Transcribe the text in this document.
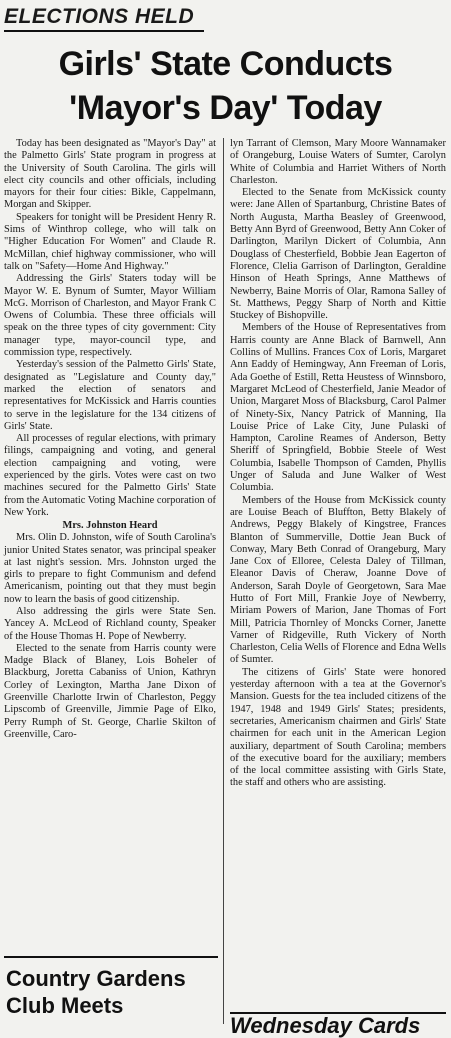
ELECTIONS HELD
Girls' State Conducts
'Mayor's Day' Today

Today has been designated as "Mayor's Day" at the Palmetto Girls' State program in progress at the University of South Carolina. The girls will elect city councils and other officials, including mayors for their four cities: Bikle, Cappelmann, Morgan and Skipper.

Speakers for tonight will be President Henry R. Sims of Winthrop college, who will talk on "Higher Education For Women" and Claude R. McMillan, chief highway commissioner, who will talk on "Safety—Home And Highway."

Addressing the Girls' Staters today will be Mayor W. E. Bynum of Sumter, Mayor William McG. Morrison of Charleston, and Mayor Frank C Owens of Columbia. These three officials will speak on the three types of city government: City manager type, mayor-council type, and commission type, respectively.

Yesterday's session of the Palmetto Girls' State, designated as "Legislature and County day," marked the election of senators and representatives for McKissick and Harris counties to serve in the legislature for the 134 citizens of Girls' State.

All processes of regular elections, with primary filings, campaigning and voting, and general election campaigning and voting, were experienced by the girls. Votes were cast on two machines secured for the Palmetto Girls' State from the Automatic Voting Machine corporation of New York.

Mrs. Johnston Heard

Mrs. Olin D. Johnston, wife of South Carolina's junior United States senator, was principal speaker at last night's session. Mrs. Johnston urged the girls to prepare to fight Communism and defend Americanism, pointing out that they must begin now to learn the basis of good citizenship.

Also addressing the girls were State Sen. Yancey A. McLeod of Richland county, Speaker of the House Thomas H. Pope of Newberry.

Elected to the senate from Harris county were Madge Black of Blaney, Lois Boheler of Blackburg, Joretta Cabaniss of Union, Kathryn Corley of Lexington, Martha Jane Dixon of Greenville Charlotte Irwin of Charleston, Peggy Lipscomb of Greenville, Jimmie Page of Elko, Perry Rumph of St. George, Charlie Skilton of Greenville, Caro-

lyn Tarrant of Clemson, Mary Moore Wannamaker of Orangeburg, Louise Waters of Sumter, Carolyn White of Columbia and Harriet Withers of North Charleston.

Elected to the Senate from McKissick county were: Jane Allen of Spartanburg, Christine Bates of North Augusta, Martha Beasley of Greenwood, Betty Ann Byrd of Greenwood, Betty Ann Coker of Darlington, Marilyn Dickert of Columbia, Ann Douglass of Chesterfield, Bobbie Jean Eagerton of Florence, Clelia Garrison of Darlington, Geraldine Hinson of Heath Springs, Anne Matthews of Newberry, Baine Morris of Olar, Ramona Salley of St. Matthews, Peggy Sharp of North and Kittie Stuckey of Bishopville.

Members of the House of Representatives from Harris county are Anne Black of Barnwell, Ann Collins of Mullins. Frances Cox of Loris, Margaret Ann Eaddy of Hemingway, Ann Freeman of Loris, Ada Goethe of Estill, Retta Heustess of Winnsboro, Margaret McLeod of Chesterfield, Janie Meador of Union, Margaret Moss of Blacksburg, Carol Palmer of Ninety-Six, Nancy Patrick of Manning, Ila Louise Price of Lake City, June Pulaski of Hampton, Caroline Reames of Anderson, Betty Sheriff of Springfield, Bobbie Steele of West Columbia, Isabelle Thompson of Camden, Phyllis Unger of Saluda and June Walker of West Columbia.

Members of the House from McKissick county are Louise Beach of Bluffton, Betty Blakely of Andrews, Peggy Blakely of Kingstree, Frances Blanton of Summerville, Dottie Jean Buck of Conway, Mary Beth Conrad of Orangeburg, Mary Jane Cox of Elloree, Celesta Daley of Tillman, Eleanor Davis of Cheraw, Joanne Dove of Anderson, Sarah Doyle of Georgetown, Sara Mae Hutto of Fort Mill, Frankie Joye of Newberry, Miriam Powers of Marion, Jane Thomas of Fort Mill, Patricia Thornley of Moncks Corner, Janette Varner of Ridgeville, Ruth Vickery of North Charleston, Celia Wells of Florence and Edna Wells of Sumter.

The citizens of Girls' State were honored yesterday afternoon with a tea at the Governor's Mansion. Guests for the tea included citizens of the 1947, 1948 and 1949 Girls' States; presidents, secretaries, Americanism chairmen and Girls' State chairmen for each unit in the American Legion auxiliary, department of South Carolina; members of the executive board for the auxiliary; members of the local committee assisting with Girls State, the staff and others who are assisting.

Country Gardens
Club Meets
Wednesday Cards
